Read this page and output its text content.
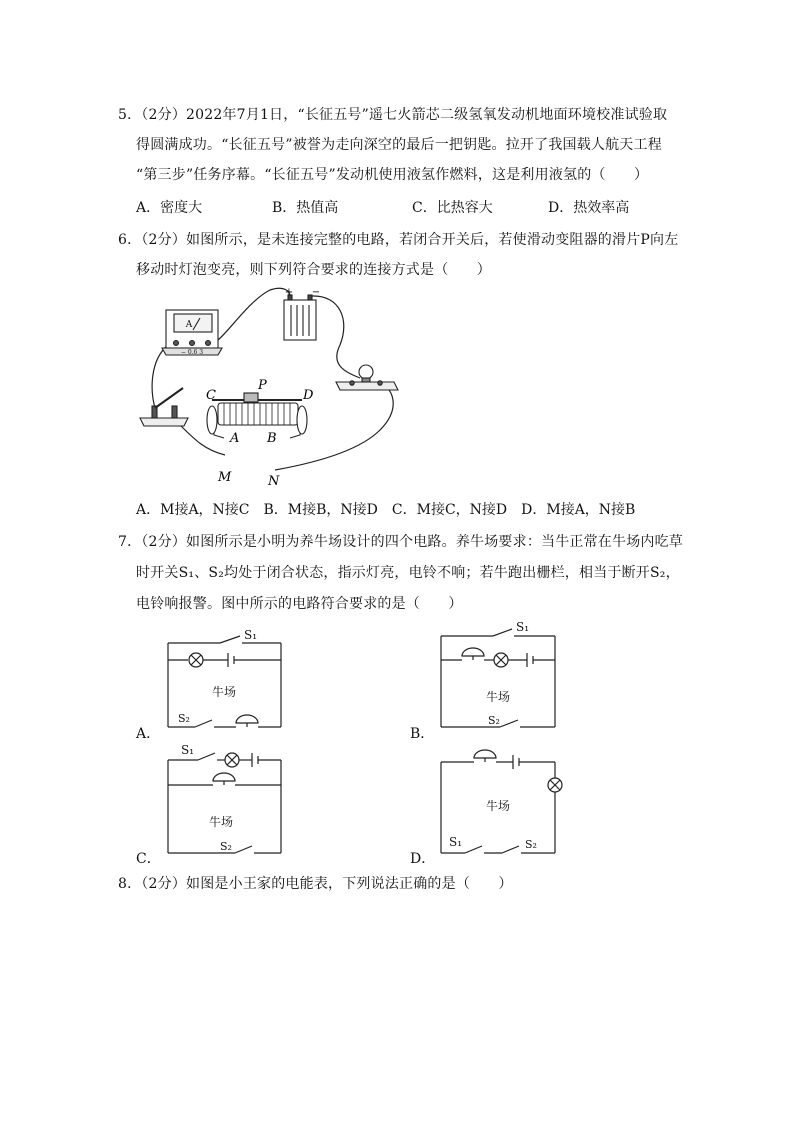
5．（2分）2022年7月1日，“长征五号”遥七火箭芯二级氢氧发动机地面环境校准试验取
得圆满成功。“长征五号”被誉为走向深空的最后一把钥匙。拉开了我国载人航天工程
“第三步”任务序幕。“长征五号”发动机使用液氢作燃料，这是利用液氢的（　　）
A．密度大	B．热值高	C．比热容大	D．热效率高
6．（2分）如图所示，是未连接完整的电路，若闭合开关后，若使滑动变阻器的滑片P向左
移动时灯泡变亮，则下列符合要求的连接方式是（　　）
A
− 0.6 3
+ −
P
C	D
A B
M	N
A．M接A，N接C　B．M接B，N接D　C．M接C，N接D　D．M接A，N接B
7．（2分）如图所示是小明为养牛场设计的四个电路。养牛场要求：当牛正常在牛场内吃草
时开关S₁、S₂均处于闭合状态，指示灯亮，电铃不响；若牛跑出栅栏，相当于断开S₂，
电铃响报警。图中所示的电路符合要求的是（　　）
S₁
牛场
S₂
S₁
牛场
S₂
S₁
牛场
S₂
牛场
S₁	S₂
A．	B．
C．	D．
8．（2分）如图是小王家的电能表，下列说法正确的是（　　）
